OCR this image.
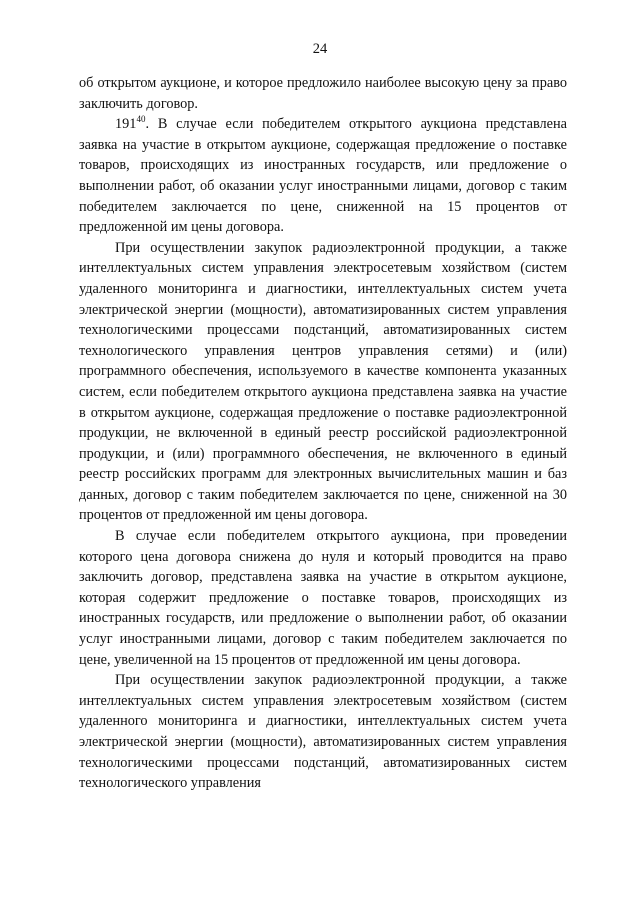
24

об открытом аукционе, и которое предложило наиболее высокую цену за право заключить договор.

$191^{40}$. В случае если победителем открытого аукциона представлена заявка на участие в открытом аукционе, содержащая предложение о поставке товаров, происходящих из иностранных государств, или предложение о выполнении работ, об оказании услуг иностранными лицами, договор с таким победителем заключается по цене, сниженной на 15 процентов от предложенной им цены договора.

При осуществлении закупок радиоэлектронной продукции, а также интеллектуальных систем управления электросетевым хозяйством (систем удаленного мониторинга и диагностики, интеллектуальных систем учета электрической энергии (мощности), автоматизированных систем управления технологическими процессами подстанций, автоматизированных систем технологического управления центров управления сетями) и (или) программного обеспечения, используемого в качестве компонента указанных систем, если победителем открытого аукциона представлена заявка на участие в открытом аукционе, содержащая предложение о поставке радиоэлектронной продукции, не включенной в единый реестр российской радиоэлектронной продукции, и (или) программного обеспечения, не включенного в единый реестр российских программ для электронных вычислительных машин и баз данных, договор с таким победителем заключается по цене, сниженной на 30 процентов от предложенной им цены договора.

В случае если победителем открытого аукциона, при проведении которого цена договора снижена до нуля и который проводится на право заключить договор, представлена заявка на участие в открытом аукционе, которая содержит предложение о поставке товаров, происходящих из иностранных государств, или предложение о выполнении работ, об оказании услуг иностранными лицами, договор с таким победителем заключается по цене, увеличенной на 15 процентов от предложенной им цены договора.

При осуществлении закупок радиоэлектронной продукции, а также интеллектуальных систем управления электросетевым хозяйством (систем удаленного мониторинга и диагностики, интеллектуальных систем учета электрической энергии (мощности), автоматизированных систем управления технологическими процессами подстанций, автоматизированных систем технологического управления
